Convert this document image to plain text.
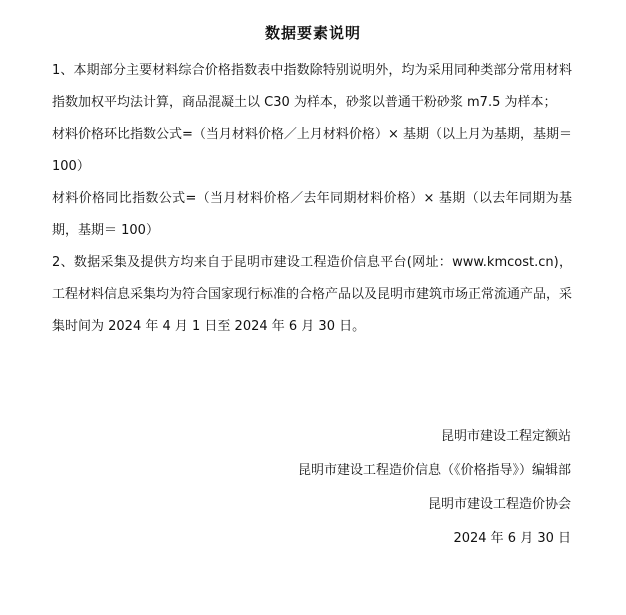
数据要素说明

1、本期部分主要材料综合价格指数表中指数除特别说明外，均为采用同种类部分常用材料指数加权平均法计算，商品混凝土以 C30 为样本，砂浆以普通干粉砂浆 m7.5 为样本；

材料价格环比指数公式=（当月材料价格／上月材料价格）× 基期（以上月为基期，基期＝ 100）

材料价格同比指数公式=（当月材料价格／去年同期材料价格）× 基期（以去年同期为基期，基期＝ 100）

2、数据采集及提供方均来自于昆明市建设工程造价信息平台(网址：www.kmcost.cn)，工程材料信息采集均为符合国家现行标准的合格产品以及昆明市建筑市场正常流通产品，采集时间为 2024 年 4 月 1 日至 2024 年 6 月 30 日。

昆明市建设工程定额站
昆明市建设工程造价信息（《价格指导》）编辑部
昆明市建设工程造价协会
2024 年 6 月 30 日
